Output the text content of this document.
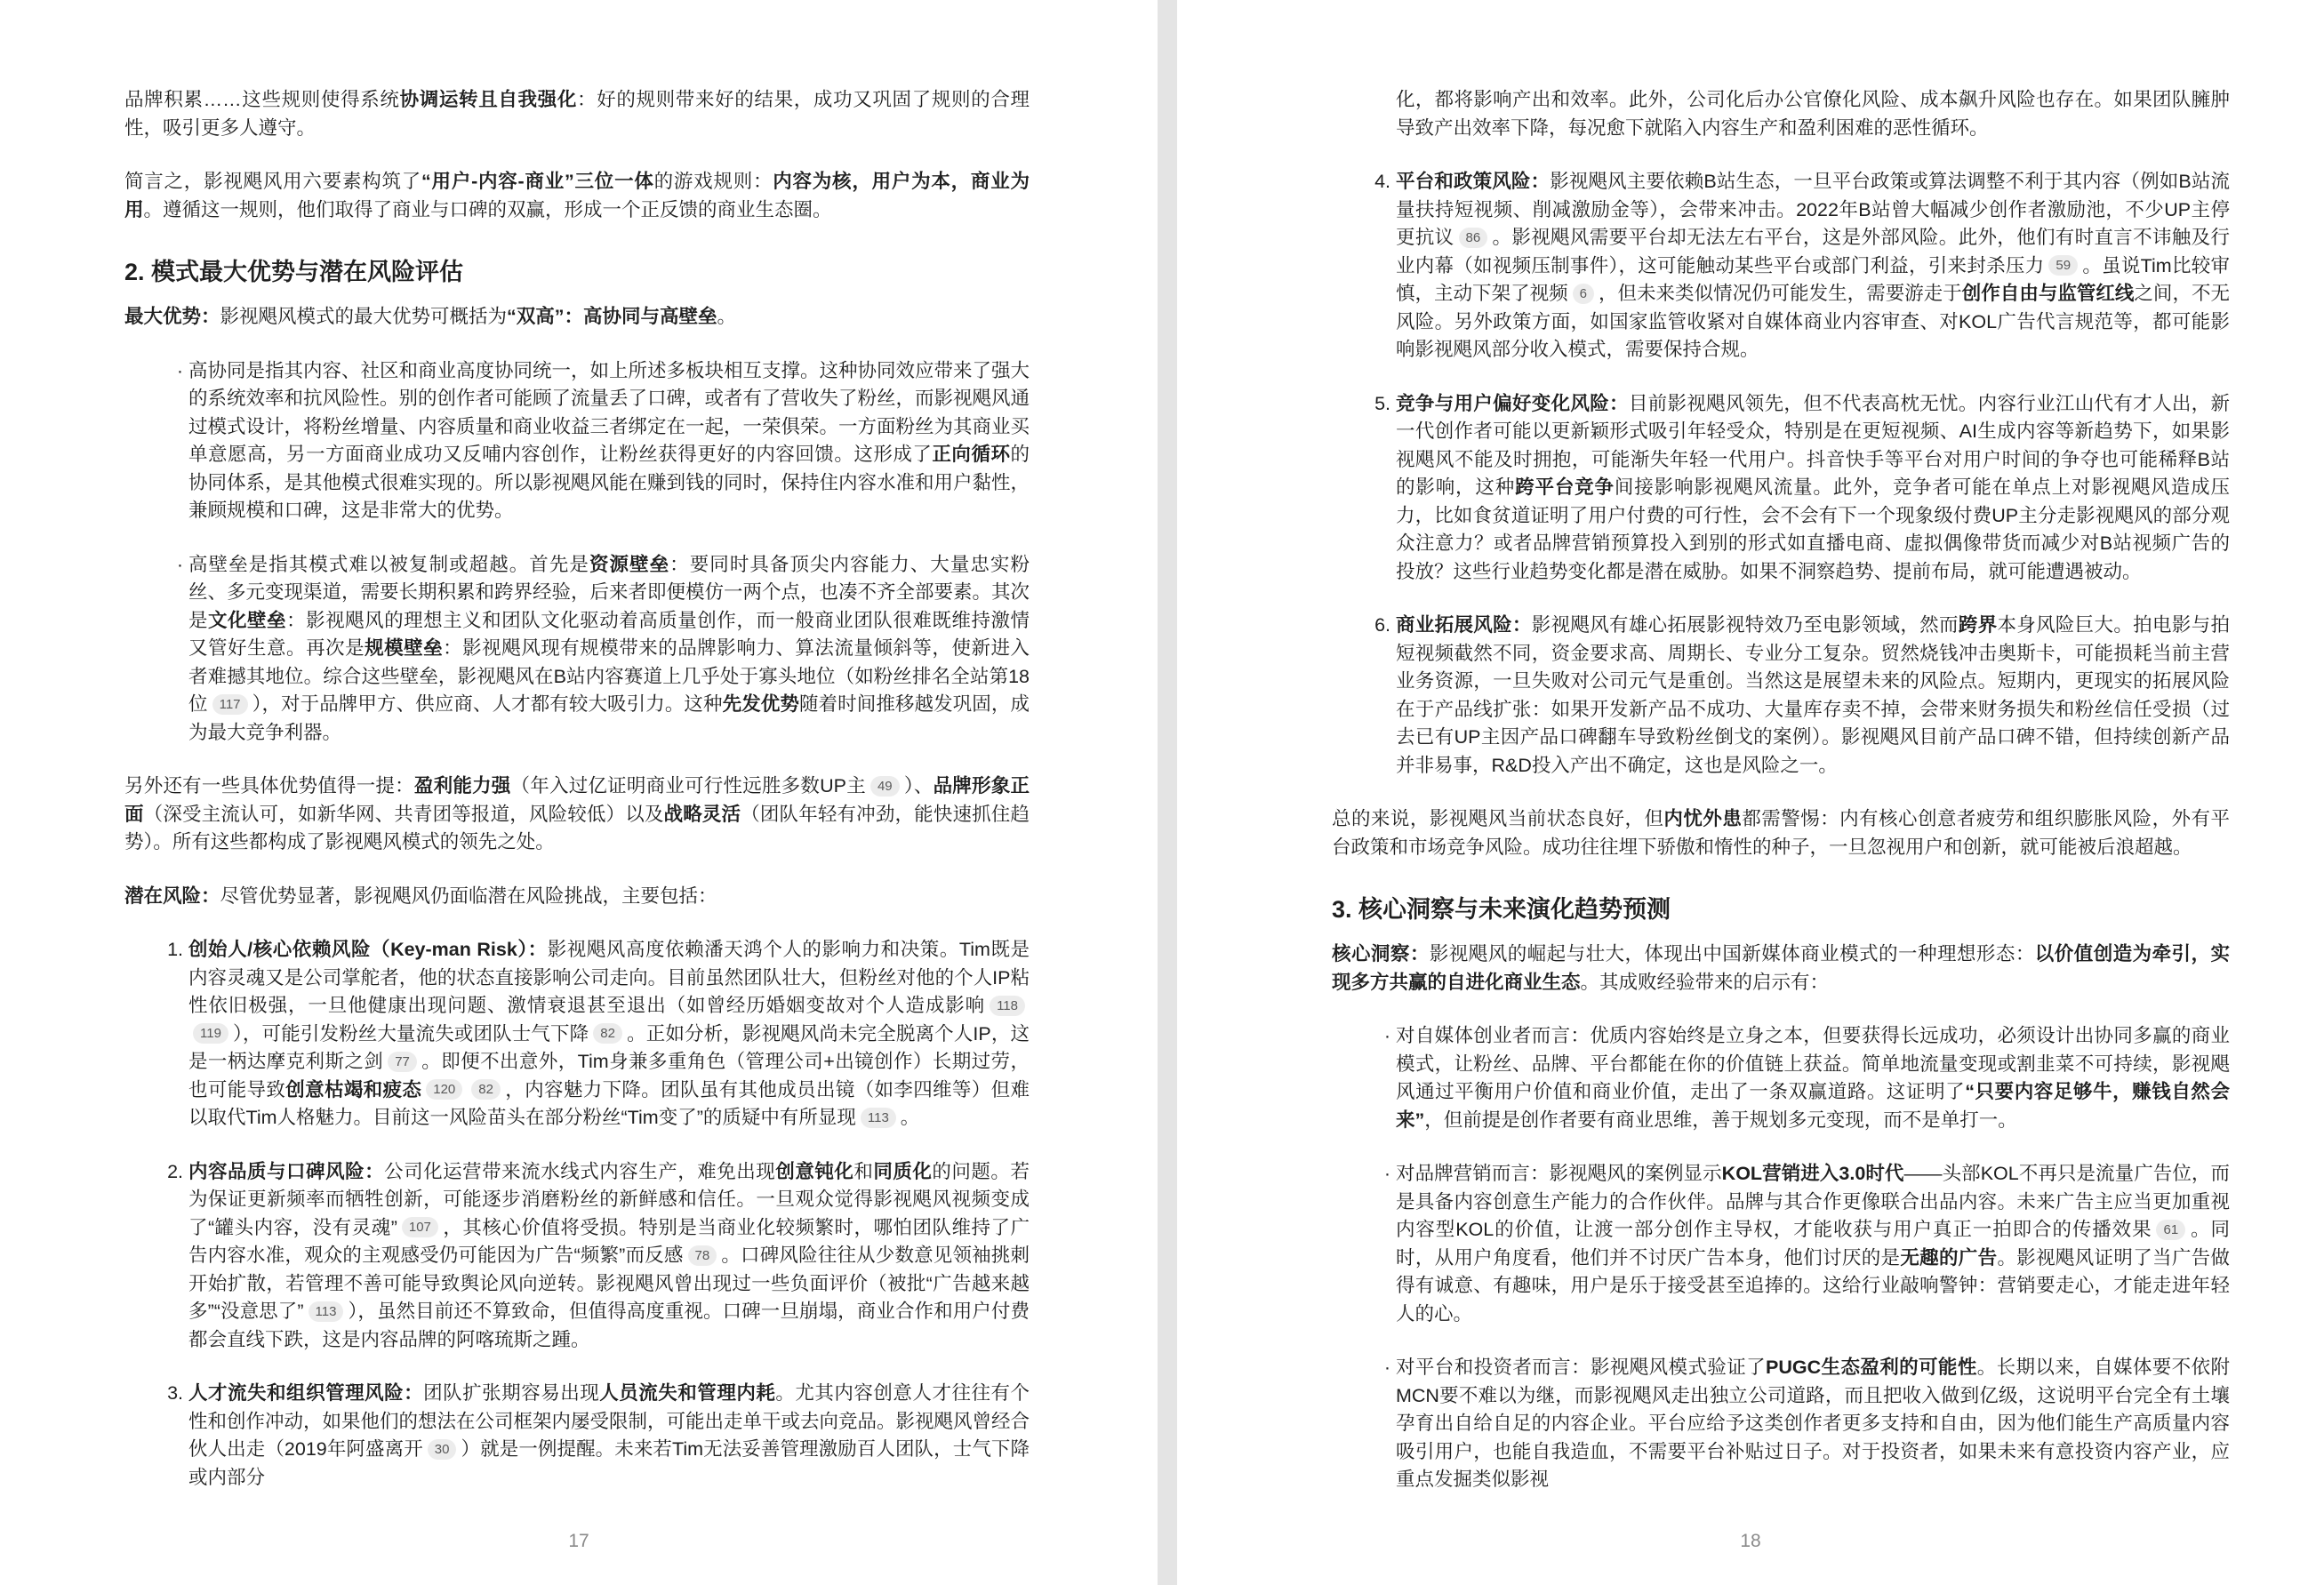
品牌积累……这些规则使得系统协调运转且自我强化：好的规则带来好的结果，成功又巩固了规则的合理性，吸引更多人遵守。
简言之，影视飓风用六要素构筑了“用户-内容-商业”三位一体的游戏规则：内容为核，用户为本，商业为用。遵循这一规则，他们取得了商业与口碑的双赢，形成一个正反馈的商业生态圈。
2. 模式最大优势与潜在风险评估
最大优势：影视飓风模式的最大优势可概括为“双高”：高协同与高壁垒。
· 高协同是指其内容、社区和商业高度协同统一，如上所述多板块相互支撑。这种协同效应带来了强大的系统效率和抗风险性。别的创作者可能顾了流量丢了口碑，或者有了营收失了粉丝，而影视飓风通过模式设计，将粉丝增量、内容质量和商业收益三者绑定在一起，一荣俱荣。一方面粉丝为其商业买单意愿高，另一方面商业成功又反哺内容创作，让粉丝获得更好的内容回馈。这形成了正向循环的协同体系，是其他模式很难实现的。所以影视飓风能在赚到钱的同时，保持住内容水准和用户黏性，兼顾规模和口碑，这是非常大的优势。
· 高壁垒是指其模式难以被复制或超越。首先是资源壁垒：要同时具备顶尖内容能力、大量忠实粉丝、多元变现渠道，需要长期积累和跨界经验，后来者即便模仿一两个点，也凑不齐全部要素。其次是文化壁垒：影视飓风的理想主义和团队文化驱动着高质量创作，而一般商业团队很难既维持激情又管好生意。再次是规模壁垒：影视飓风现有规模带来的品牌影响力、算法流量倾斜等，使新进入者难撼其地位。综合这些壁垒，影视飓风在B站内容赛道上几乎处于寡头地位（如粉丝排名全站第18位 117 ），对于品牌甲方、供应商、人才都有较大吸引力。这种先发优势随着时间推移越发巩固，成为最大竞争利器。
另外还有一些具体优势值得一提：盈利能力强（年入过亿证明商业可行性远胜多数UP主 49 ）、品牌形象正面（深受主流认可，如新华网、共青团等报道，风险较低）以及战略灵活（团队年轻有冲劲，能快速抓住趋势）。所有这些都构成了影视飓风模式的领先之处。
潜在风险：尽管优势显著，影视飓风仍面临潜在风险挑战，主要包括：
1. 创始人/核心依赖风险（Key-man Risk）：影视飓风高度依赖潘天鸿个人的影响力和决策。Tim既是内容灵魂又是公司掌舵者，他的状态直接影响公司走向。目前虽然团队壮大，但粉丝对他的个人IP粘性依旧极强，一旦他健康出现问题、激情衰退甚至退出（如曾经历婚姻变故对个人造成影响 118119 ），可能引发粉丝大量流失或团队士气下降 82 。正如分析，影视飓风尚未完全脱离个人IP，这是一柄达摩克利斯之剑 77 。即便不出意外，Tim身兼多重角色（管理公司+出镜创作）长期过劳，也可能导致创意枯竭和疲态 120 82 ，内容魅力下降。团队虽有其他成员出镜（如李四维等）但难以取代Tim人格魅力。目前这一风险苗头在部分粉丝“Tim变了”的质疑中有所显现 113 。
2. 内容品质与口碑风险：公司化运营带来流水线式内容生产，难免出现创意钝化和同质化的问题。若为保证更新频率而牺牲创新，可能逐步消磨粉丝的新鲜感和信任。一旦观众觉得影视飓风视频变成了“罐头内容，没有灵魂” 107 ，其核心价值将受损。特别是当商业化较频繁时，哪怕团队维持了广告内容水准，观众的主观感受仍可能因为广告“频繁”而反感 78 。口碑风险往往从少数意见领袖挑刺开始扩散，若管理不善可能导致舆论风向逆转。影视飓风曾出现过一些负面评价（被批“广告越来越多”“没意思了” 113 ），虽然目前还不算致命，但值得高度重视。口碑一旦崩塌，商业合作和用户付费都会直线下跌，这是内容品牌的阿喀琉斯之踵。
3. 人才流失和组织管理风险：团队扩张期容易出现人员流失和管理内耗。尤其内容创意人才往往有个性和创作冲动，如果他们的想法在公司框架内屡受限制，可能出走单干或去向竞品。影视飓风曾经合伙人出走（2019年阿盛离开 30 ）就是一例提醒。未来若Tim无法妥善管理激励百人团队，士气下降或内部分
17
化，都将影响产出和效率。此外，公司化后办公官僚化风险、成本飙升风险也存在。如果团队臃肿导致产出效率下降，每况愈下就陷入内容生产和盈利困难的恶性循环。
4. 平台和政策风险：影视飓风主要依赖B站生态，一旦平台政策或算法调整不利于其内容（例如B站流量扶持短视频、削减激励金等），会带来冲击。2022年B站曾大幅减少创作者激励池，不少UP主停更抗议 86 。影视飓风需要平台却无法左右平台，这是外部风险。此外，他们有时直言不讳触及行业内幕（如视频压制事件），这可能触动某些平台或部门利益，引来封杀压力 59 。虽说Tim比较审慎，主动下架了视频 6 ，但未来类似情况仍可能发生，需要游走于创作自由与监管红线之间，不无风险。另外政策方面，如国家监管收紧对自媒体商业内容审查、对KOL广告代言规范等，都可能影响影视飓风部分收入模式，需要保持合规。
5. 竞争与用户偏好变化风险：目前影视飓风领先，但不代表高枕无忧。内容行业江山代有才人出，新一代创作者可能以更新颖形式吸引年轻受众，特别是在更短视频、AI生成内容等新趋势下，如果影视飓风不能及时拥抱，可能渐失年轻一代用户。抖音快手等平台对用户时间的争夺也可能稀释B站的影响，这种跨平台竞争间接影响影视飓风流量。此外，竞争者可能在单点上对影视飓风造成压力，比如食贫道证明了用户付费的可行性，会不会有下一个现象级付费UP主分走影视飓风的部分观众注意力？或者品牌营销预算投入到别的形式如直播电商、虚拟偶像带货而减少对B站视频广告的投放？这些行业趋势变化都是潜在威胁。如果不洞察趋势、提前布局，就可能遭遇被动。
6. 商业拓展风险：影视飓风有雄心拓展影视特效乃至电影领域，然而跨界本身风险巨大。拍电影与拍短视频截然不同，资金要求高、周期长、专业分工复杂。贸然烧钱冲击奥斯卡，可能损耗当前主营业务资源，一旦失败对公司元气是重创。当然这是展望未来的风险点。短期内，更现实的拓展风险在于产品线扩张：如果开发新产品不成功、大量库存卖不掉，会带来财务损失和粉丝信任受损（过去已有UP主因产品口碑翻车导致粉丝倒戈的案例）。影视飓风目前产品口碑不错，但持续创新产品并非易事，R&D投入产出不确定，这也是风险之一。
总的来说，影视飓风当前状态良好，但内忧外患都需警惕：内有核心创意者疲劳和组织膨胀风险，外有平台政策和市场竞争风险。成功往往埋下骄傲和惰性的种子，一旦忽视用户和创新，就可能被后浪超越。
3. 核心洞察与未来演化趋势预测
核心洞察：影视飓风的崛起与壮大，体现出中国新媒体商业模式的一种理想形态：以价值创造为牵引，实现多方共赢的自进化商业生态。其成败经验带来的启示有：
· 对自媒体创业者而言：优质内容始终是立身之本，但要获得长远成功，必须设计出协同多赢的商业模式，让粉丝、品牌、平台都能在你的价值链上获益。简单地流量变现或割韭菜不可持续，影视飓风通过平衡用户价值和商业价值，走出了一条双赢道路。这证明了“只要内容足够牛，赚钱自然会来”，但前提是创作者要有商业思维，善于规划多元变现，而不是单打一。
· 对品牌营销而言：影视飓风的案例显示KOL营销进入3.0时代——头部KOL不再只是流量广告位，而是具备内容创意生产能力的合作伙伴。品牌与其合作更像联合出品内容。未来广告主应当更加重视内容型KOL的价值，让渡一部分创作主导权，才能收获与用户真正一拍即合的传播效果 61 。同时，从用户角度看，他们并不讨厌广告本身，他们讨厌的是无趣的广告。影视飓风证明了当广告做得有诚意、有趣味，用户是乐于接受甚至追捧的。这给行业敲响警钟：营销要走心，才能走进年轻人的心。
· 对平台和投资者而言：影视飓风模式验证了PUGC生态盈利的可能性。长期以来，自媒体要不依附MCN要不难以为继，而影视飓风走出独立公司道路，而且把收入做到亿级，这说明平台完全有土壤孕育出自给自足的内容企业。平台应给予这类创作者更多支持和自由，因为他们能生产高质量内容吸引用户，也能自我造血，不需要平台补贴过日子。对于投资者，如果未来有意投资内容产业，应重点发掘类似影视
18
